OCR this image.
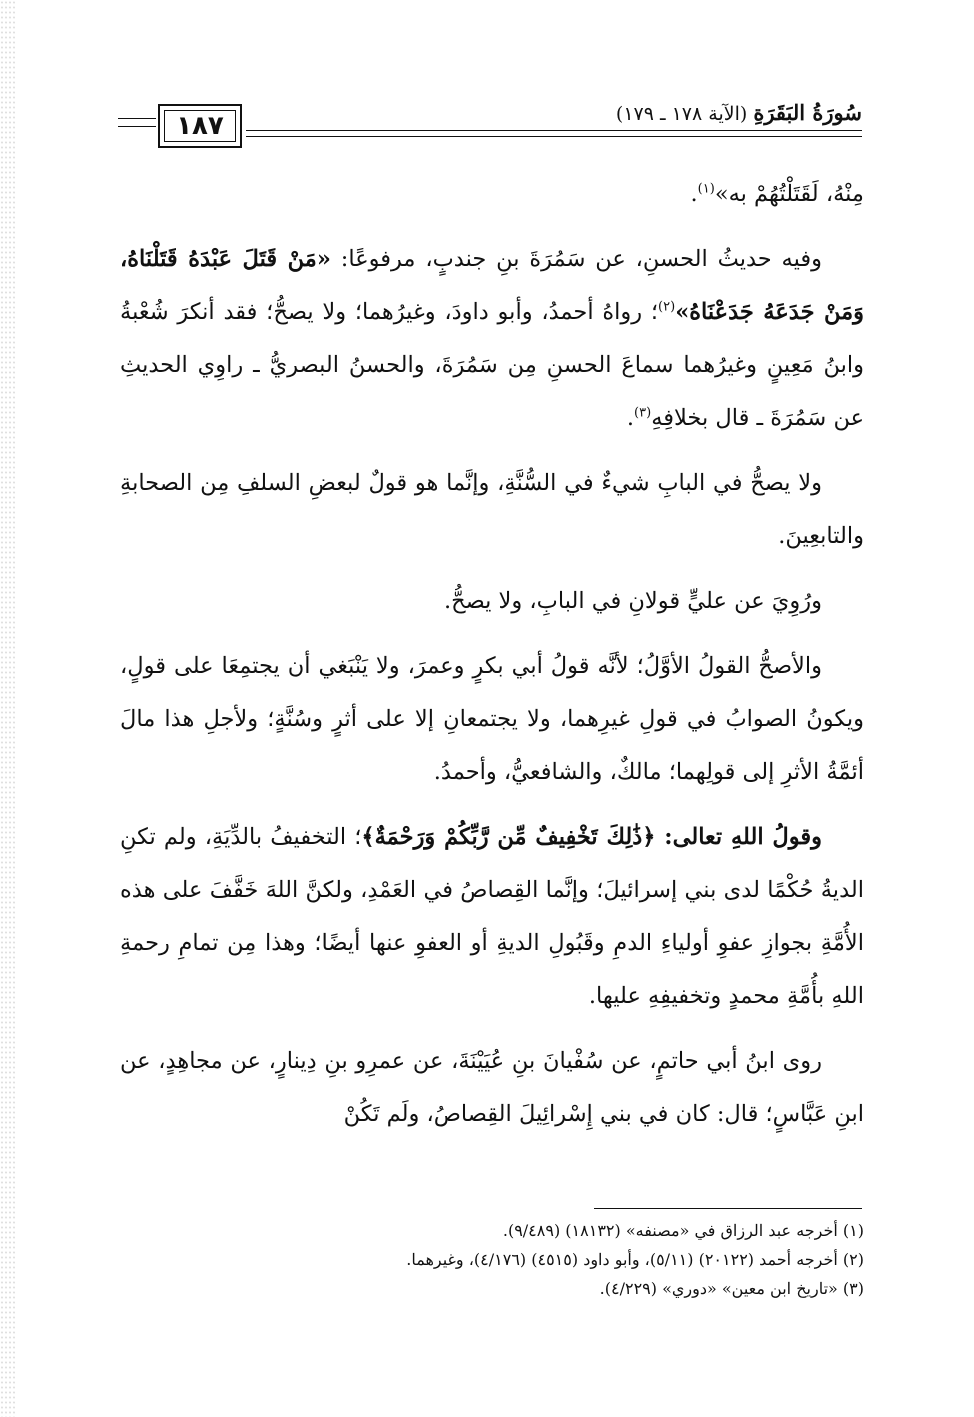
١٨٧	سُورَةُ البَقَرَةِ (الآية ١٧٨ ـ ١٧٩)

مِنْهُ، لَقَتَلْتُهُمْ به»$^{(١)}$.

وفيه حديثُ الحسنِ، عن سَمُرَةَ بنِ جندبٍ، مرفوعًا: «مَنْ قَتَلَ عَبْدَهُ قَتَلْنَاهُ، وَمَنْ جَدَعَهُ جَدَعْنَاهُ»$^{(٢)}$؛ رواهُ أحمدُ، وأبو داودَ، وغيرُهما؛ ولا يصحُّ؛ فقد أنكرَ شُعْبةُ وابنُ مَعِينٍ وغيرُهما سماعَ الحسنِ مِن سَمُرَةَ، والحسنُ البصريُّ ـ راوِي الحديثِ عن سَمُرَةَ ـ قال بخلافِهِ$^{(٣)}$.

ولا يصحُّ في البابِ شيءٌ في السُّنَّةِ، وإنَّما هو قولٌ لبعضِ السلفِ مِن الصحابةِ والتابعِينَ.

ورُوِيَ عن عليٍّ قولانِ في البابِ، ولا يصحُّ.

والأصحُّ القولُ الأوَّلُ؛ لأنَّه قولُ أبي بكرٍ وعمرَ، ولا يَنْبَغي أن يجتمِعَا على قولٍ، ويكونُ الصوابُ في قولِ غيرِهما، ولا يجتمعانِ إلا على أثرٍ وسُنَّةٍ؛ ولأجلِ هذا مالَ أئمَّةُ الأثرِ إلى قولِهما؛ مالكٌ، والشافعيُّ، وأحمدُ.

وقولُ اللهِ تعالى: ﴿ذَٰلِكَ تَخْفِيفٌ مِّن رَّبِّكُمْ وَرَحْمَةٌ﴾؛ التخفيفُ بالدِّيَةِ، ولم تكنِ الديةُ حُكْمًا لدى بني إسرائيلَ؛ وإنَّما القِصاصُ في العَمْدِ، ولكنَّ اللهَ خَفَّفَ على هذه الأُمَّةِ بجوازِ عفوِ أولياءِ الدمِ وقَبُولِ الديةِ أو العفوِ عنها أيضًا؛ وهذا مِن تمامِ رحمةِ اللهِ بأُمَّةِ محمدٍ وتخفيفِهِ عليها.

روى ابنُ أبي حاتمٍ، عن سُفْيانَ بنِ عُيَيْنَةَ، عن عمرِو بنِ دِينارٍ، عن مجاهِدٍ، عن ابنِ عَبَّاسٍ؛ قال: كان في بني إِسْرائِيلَ القِصاصُ، ولَم تَكُنْ

(١) أخرجه عبد الرزاق في «مصنفه» (١٨١٣٢) (٩/٤٨٩).
(٢) أخرجه أحمد (٢٠١٢٢) (٥/١١)، وأبو داود (٤٥١٥) (٤/١٧٦)، وغيرهما.
(٣) «تاريخ ابن معين» «دوري» (٤/٢٢٩).
